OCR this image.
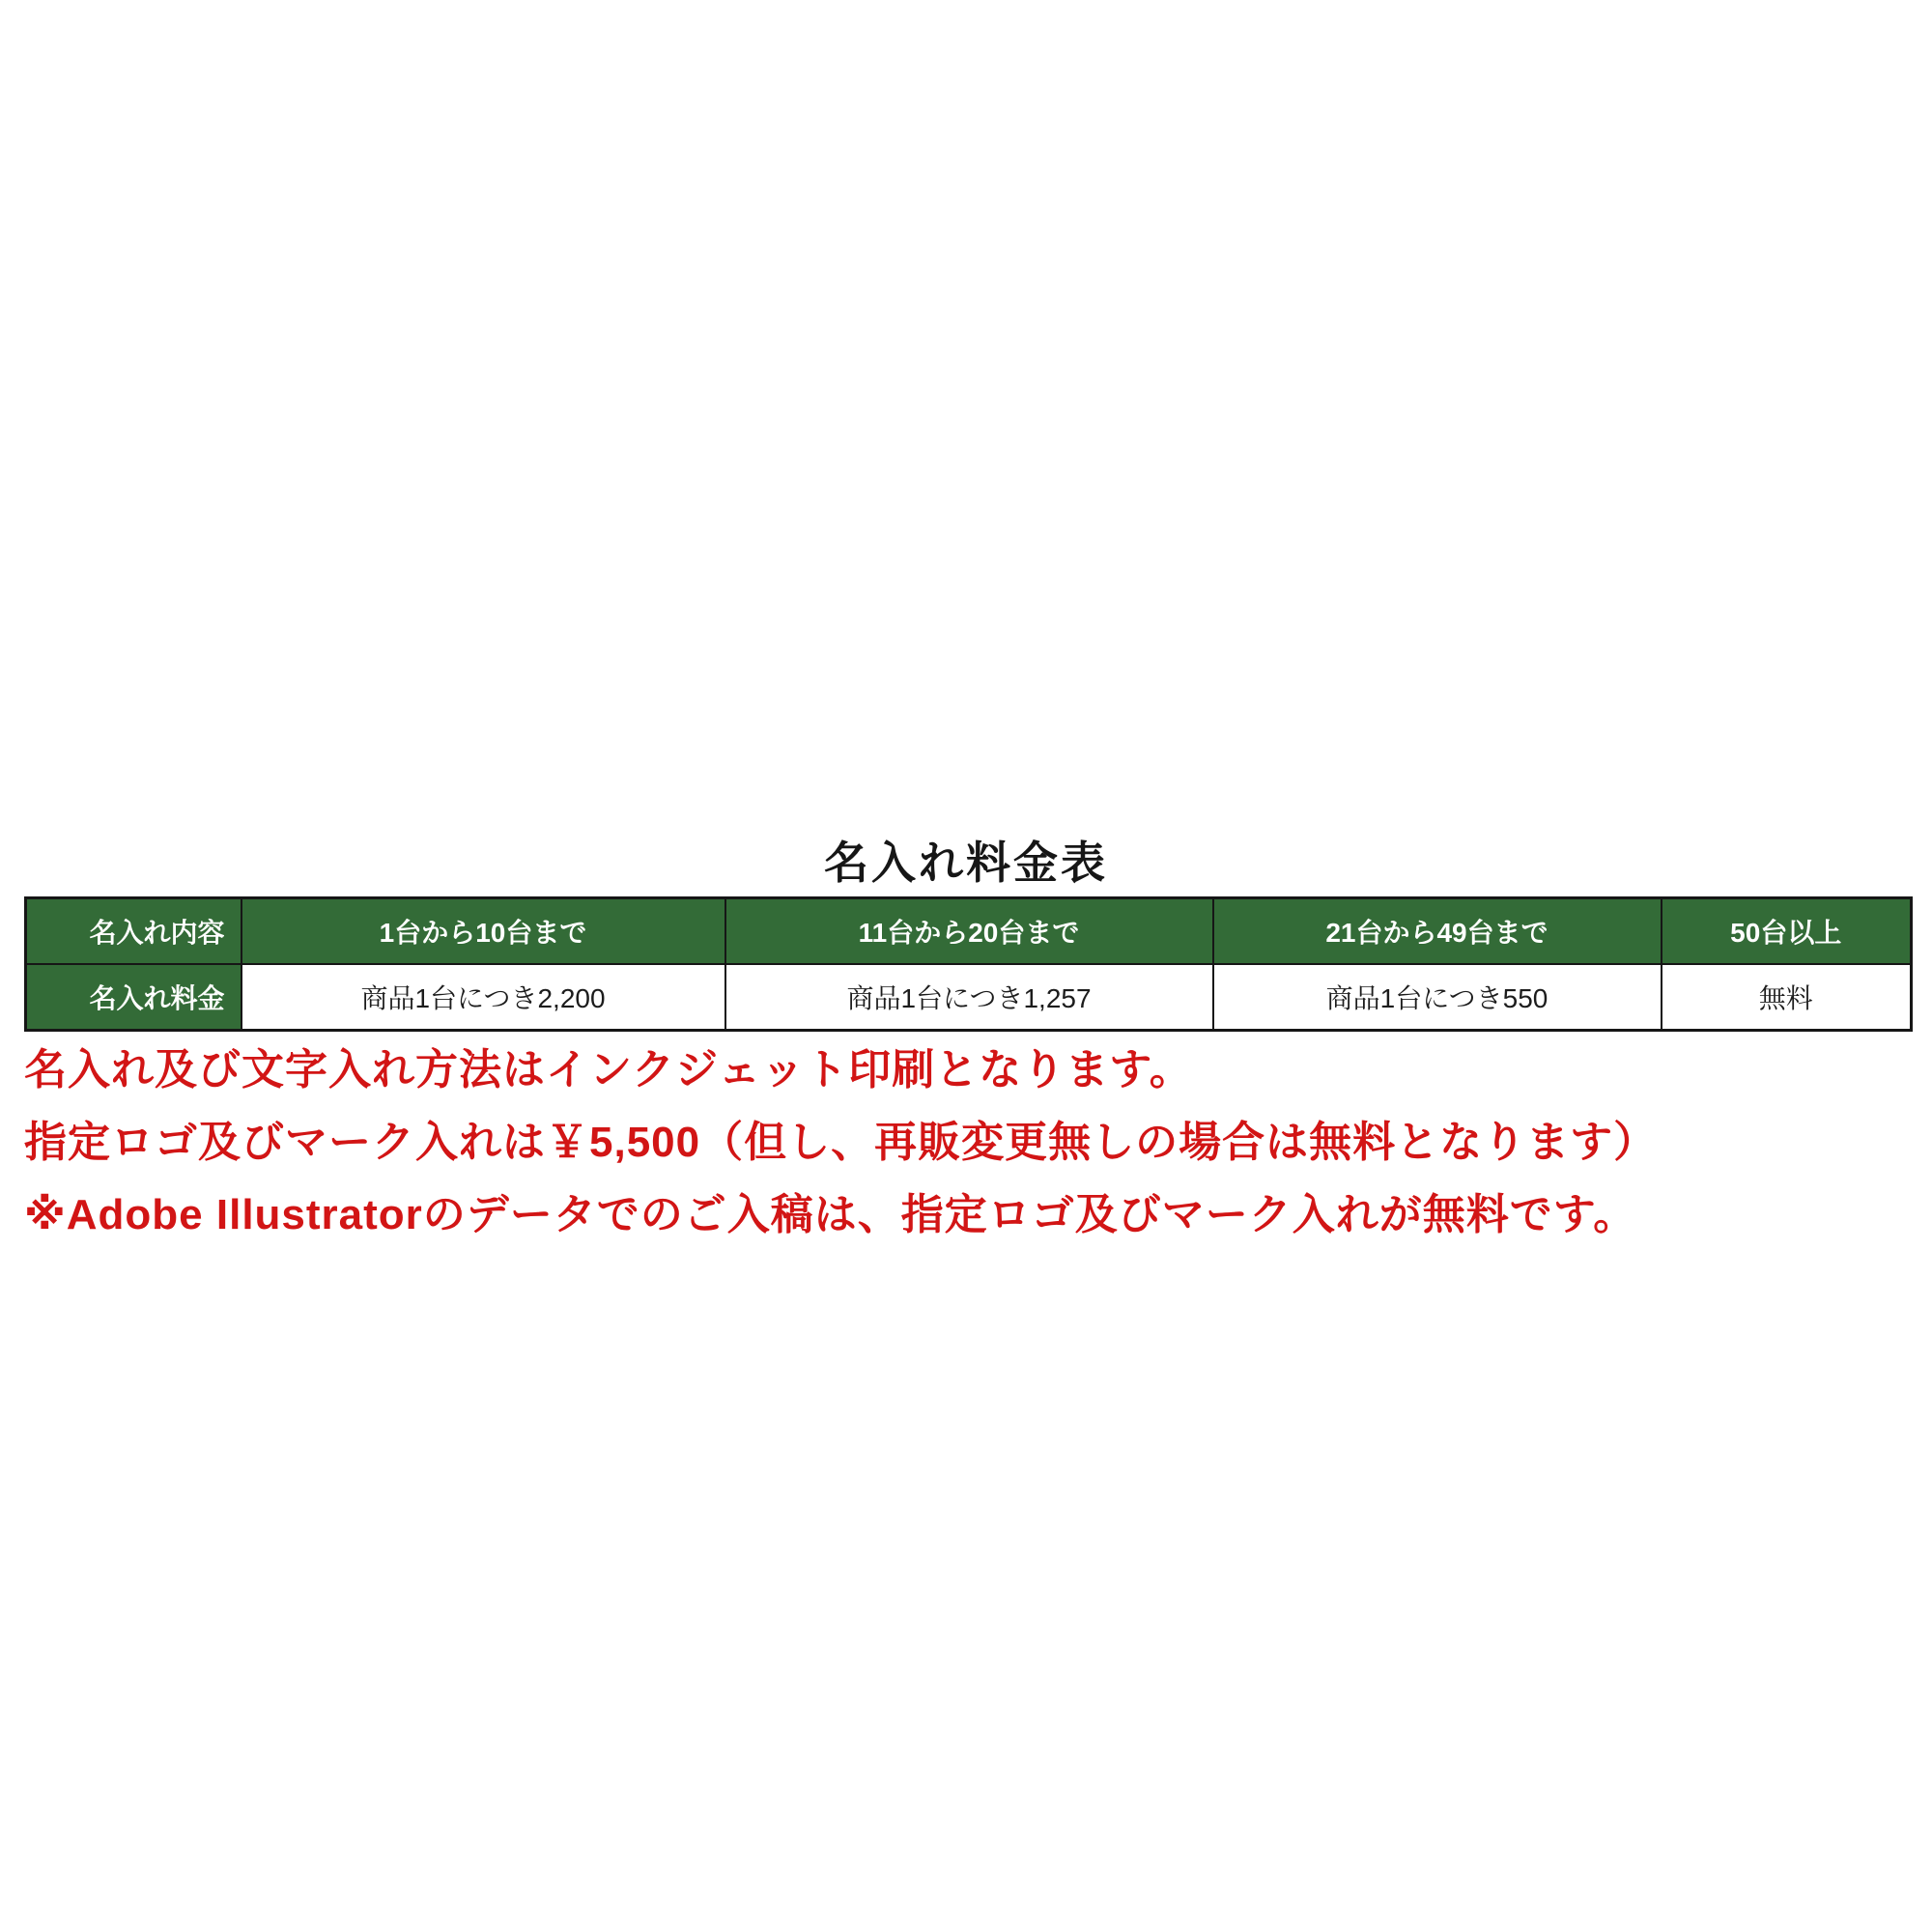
名入れ料金表
名入れ内容	1台から10台まで	11台から20台まで	21台から49台まで	50台以上
名入れ料金	商品1台につき2,200	商品1台につき1,257	商品1台につき550	無料

名入れ及び文字入れ方法はインクジェット印刷となります。

指定ロゴ及びマーク入れは￥5,500（但し、再販変更無しの場合は無料となります）

※Adobe Illustratorのデータでのご入稿は、指定ロゴ及びマーク入れが無料です。
